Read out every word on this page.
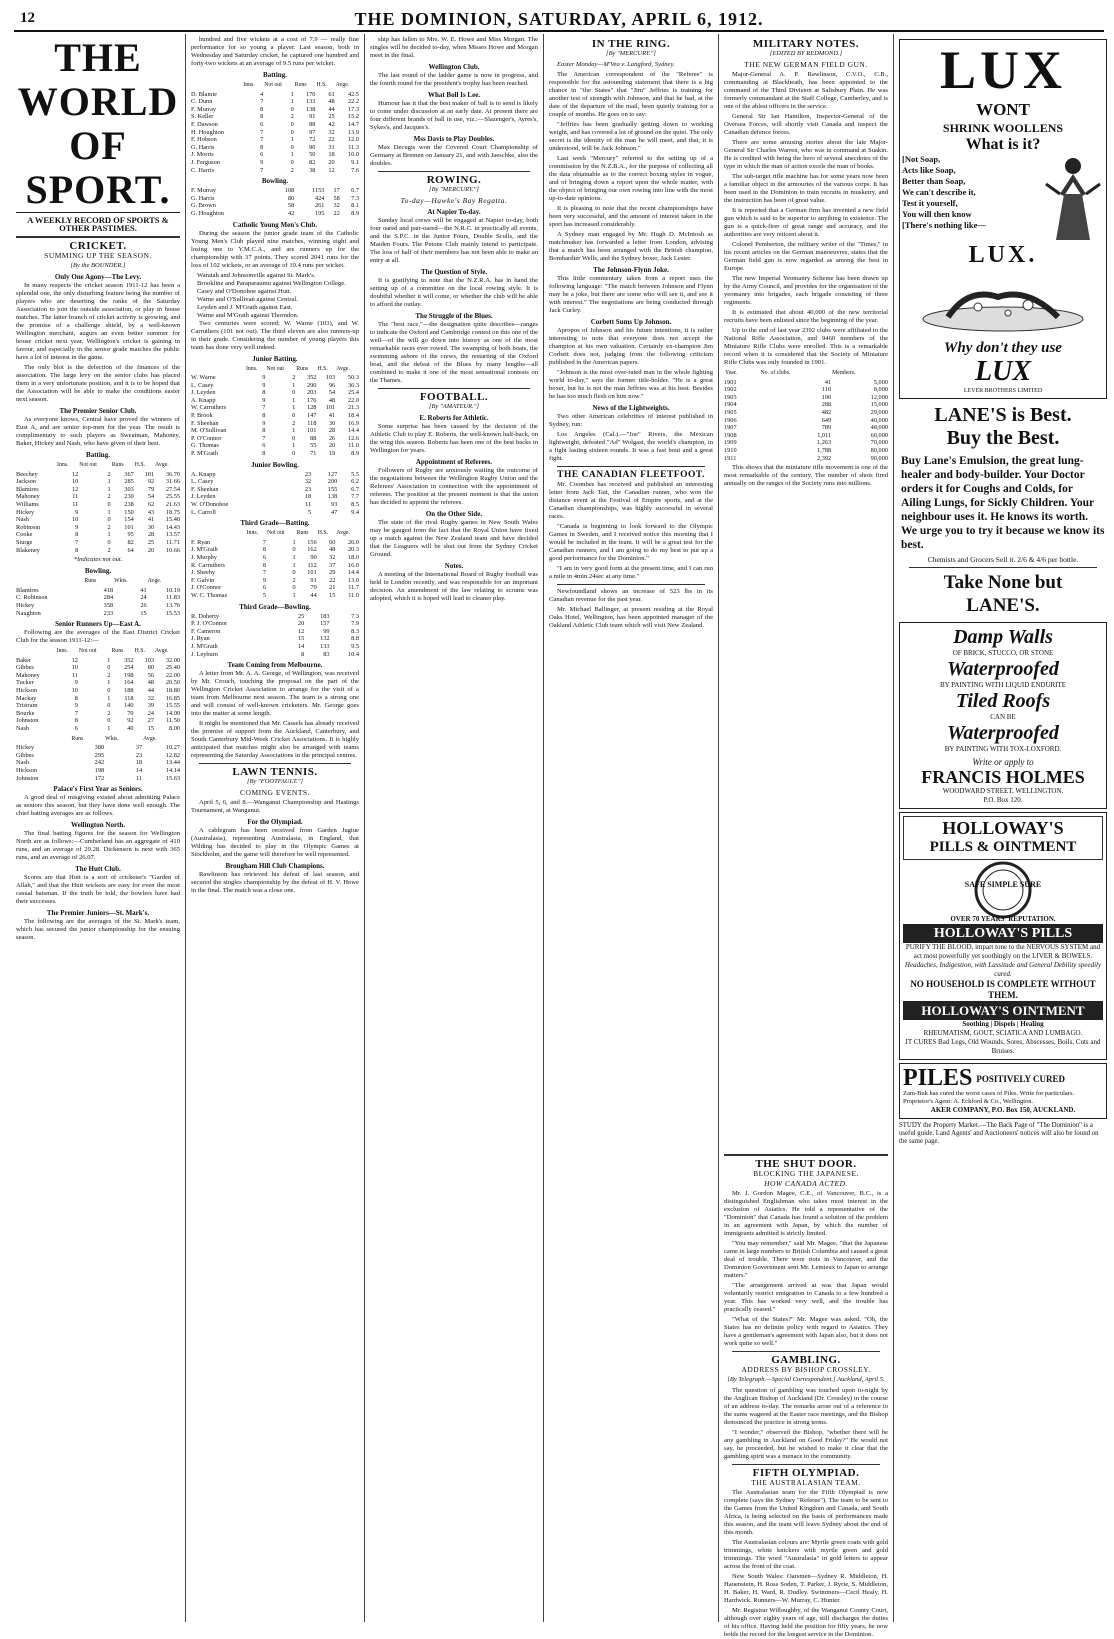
12	THE DOMINION, SATURDAY, APRIL 6, 1912.
THE WORLD OF SPORT.
A WEEKLY RECORD OF SPORTS & OTHER PASTIMES.
CRICKET.
SUMMING UP THE SEASON.
[By the BOUNDER.]
Only One Agony—The Levy.

In many respects the cricket season 1911-12 has been a splendid one, the only disturbing feature being the number of players who are deserting the ranks of the Saturday Association to join the outside association, or play in house matches. The latter branch of cricket activity is growing, and the promise of a challenge shield, by a well-known Wellington merchant, augurs an even better summer for house cricket next year. Wellington's cricket is gaining in favour, and especially in the senior grade matches the public have a lot of interest in the game.

The only blot is the defection of the finances of the association. The large levy on the senior clubs has placed them in a very unfortunate position, and it is to be hoped that the Association will be able to make the conditions easier next season.

The Premier Senior Club.

As everyone knows, Central have proved the winners of Eust A, and are senior top-men for the year. The result is complimentary to such players as Sweatman, Mahoney, Baker, Hickey and Nash, who have given of their best.

Batting.
	Inns.	Not out	Runs	H.S.	Avge.
Beechey	12	2	367	101	36.70
Jackson	10	1	285	92	31.66
Blamires	12	1	303	79	27.54
Mahoney	11	2	230	54	25.55
Williams	11	0	238	62	21.63
Hickey	9	1	150	43	18.75
Nash	10	0	154	41	15.40
Robinson	9	2	101	30	14.43
Cooke	8	1	95	28	13.57
Sturge	7	0	82	25	11.71
Blakeney	8	2	64	20	10.66
*Indicates not out.
Bowling.
	Runs	Wkts.	Avge.
Blamires	418	41	10.19
C. Robinson	284	24	11.83
Hickey	358	26	13.76
Naughton	233	15	15.53
Senior Runners Up—East A.

Following are the averages of the East District Cricket Club for the season 1911-12:—

	Inns.	Not out	Runs	H.S.	Avge.
Baker	12	1	352	103	32.00
Gibbes	10	0	254	80	25.40
Mahoney	11	2	198	56	22.00
Tucker	9	1	164	48	20.50
Hickson	10	0	188	44	18.80
Mackay	8	1	118	32	16.85
Tristram	9	0	140	39	15.55
Bourke	7	2	70	24	14.00
Johnston	8	0	92	27	11.50
Nash	6	1	40	15	8.00
	Runs	Wkts.	Avge.
Hickey	380	37	10.27
Gibbes	295	23	12.82
Nash	242	18	13.44
Hickson	198	14	14.14
Johnston	172	11	15.63
Palace's First Year as Seniors.

A good deal of misgiving existed about admitting Palace as seniors this season, but they have done well enough. The chief batting averages are as follows.

Wellington North.

The final batting figures for the season for Wellington North are as follows:—Cumberland has an aggregate of 410 runs, and an average of 29.28. Dickenson is next with 365 runs, and an average of 26.07.

The Hutt Club.

Scores are that Hutt is a sort of cricketer's "Garden of Allah," and that the Hutt wickets are easy for even the most casual batsman. If the truth be told, the bowlers have had their successes.

The Premier Juniors—St. Mark's.

The following are the averages of the St. Mark's team, which has secured the junior championship for the ensuing season.

hundred and five wickets at a cost of 7.9 — really fine performance for so young a player. Last season, both in Wednesday and Saturday cricket, he captured one hundred and forty-two wickets at an average of 9.5 runs per wicket.

Batting.
	Inns.	Not out	Runs	H.S.	Avge.
D. Blamie	4	1	170	61	42.5
C. Dunn	7	1	133	48	22.2
F. Murray	8	0	138	44	17.3
S. Keller	8	2	91	25	15.2
F. Dawson	6	0	88	42	14.7
H. Houghton	7	0	97	32	13.9
F. Hobson	7	1	72	22	12.0
G. Harris	8	0	90	31	11.3
J. Morris	6	1	50	18	10.0
J. Ferguson	9	0	82	20	9.1
C. Harris	7	2	38	12	7.6
Bowling.
F. Murray	108	1153	17	6.7
G. Harris	80	424	58	7.3
G. Brown	58	261	32	8.1
G. Houghton	42	195	22	8.9
Catholic Young Men's Club.

During the season the junior grade team of the Catholic Young Men's Club played nine matches, winning eight and losing one to Y.M.C.A., and are runners up for the championship with 37 points. They scored 2041 runs for the loss of 102 wickets, or an average of 19.4 runs per wicket.

Waratah and Johnsonville against St. Mark's.
Brookline and Paraparaumu against Wellington College.
Casey and O'Donohoe against Hutt.
Warne and O'Sullivan against Central.
Leyden and J. M'Grath against East.
Warne and M'Grath against Thorndon.

Two centuries were scored; W. Warne (103), and W. Carruthers (101 not out). The third eleven are also runners-up in their grade. Considering the number of young players this team has done very well indeed.

Junior Batting.
	Inns.	Not out	Runs	H.S.	Avge.
W. Warne	9	2	352	103	50.3
L. Casey	9	1	290	96	36.3
J. Leyden	8	0	203	54	25.4
A. Knapp	9	1	176	48	22.0
W. Carruthers	7	1	128	101	21.3
P. Brook	8	0	147	41	18.4
F. Sheehan	9	2	118	30	16.9
M. O'Sullivan	8	1	101	28	14.4
P. O'Connor	7	0	88	26	12.6
G. Thomas	6	1	55	20	11.0
P. M'Grath	8	0	71	19	8.9
Junior Bowling.
A. Knapp	23	127	5.5
L. Casey	32	200	6.2
F. Sheehan	23	155	6.7
J. Leyden	18	138	7.7
W. O'Donohoe	11	93	8.5
L. Carroll	5	47	9.4
Third Grade—Batting.
	Inns.	Not out	Runs	H.S.	Avge.
F. Ryan	7	1	156	60	26.0
J. M'Grath	8	0	162	48	20.3
J. Murphy	6	1	90	32	18.0
R. Carruthers	8	1	112	37	16.0
J. Sheehy	7	0	101	29	14.4
F. Galvin	9	2	91	22	13.0
J. O'Connor	6	0	70	21	11.7
W. C. Thomas	5	1	44	15	11.0
Third Grade—Bowling.
R. Doherty	25	183	7.3
P. J. O'Connor	20	157	7.9
F. Cameron	12	99	8.3
J. Ryan	15	132	8.8
J. M'Grath	14	133	9.5
J. Leyburn	8	83	10.4
Team Coming from Melbourne.

A letter from Mr. A. A. George, of Wellington, was received by Mr. Crouch, touching the proposal on the part of the Wellington Cricket Association to arrange for the visit of a team from Melbourne next season. The team is a strong one and will consist of well-known cricketers. Mr. George goes into the matter at some length.

It might be mentioned that Mr. Cassels has already received the promise of support from the Auckland, Canterbury, and South Canterbury Mid-Week Cricket Associations. It is highly anticipated that matches might also be arranged with teams representing the Saturday Associations in the principal centres.

LAWN TENNIS.
[By "FOOTFAULT."]
COMING EVENTS.

April 5, 6, and 8.—Wanganui Championship and Hastings Tournament, at Wanganui.

For the Olympiad.

A cablegram has been received from Garden Jugiue (Australasia), representing Australasia, in England, that Wilding has decided to play in the Olympic Games at Stockholm, and the game will therefore be well represented.

Brougham Hill Club Champions.

Rawlinson has retrieved his defeat of last season, and secured the singles championship by the defeat of H. V. Howe in the final. The match was a close one.

ship has fallen to Mrs. W. E. Howe and Miss Morgan. The singles will be decided to-day, when Misses Howe and Morgan meet in the final.

Wellington Club.

The last round of the ladder game is now in progress, and the fourth round for the president's trophy has been reached.

What Boll Is Lee.

Humour has it that the best maker of ball is to send is likely to come under discussion at an early date. At present there are four different brands of ball in use, viz.:—Slazenger's, Ayres's, Sykes's, and Jacques's.

Mss Davis to Play Doubles.

Max Decugis won the Covered Court Championship of Germany at Bremen on January 21, and with Jaeschke, also the doubles.

ROWING.
[By "MERCURY."]
To-day—Hawke's Bay Regatta.
At Napier To-day.

Sunday local crews will be engaged at Napier to-day, both four oared and pair-oared—the N.R.C. in practically all events, and the S.P.C. in the Junior Fours, Double Sculls, and the Maiden Fours. The Petone Club mainly intend to participate. The loss of half of their members has not been able to make an entry at all.

The Question of Style.

It is gratifying to note that the N.Z.R.A. has in hand the setting up of a committee on the local rowing style. It is doubtful whether it will come, or whether the club will be able to afford the outlay.

The Struggle of the Blues.

The "best race,"—the designation quite describes—ranges to indicate the Oxford and Cambridge contest on this one of the well—of the will go down into history as one of the most remarkable races ever rowed. The swamping of both boats, the swimming ashore of the crews, the restarting of the Oxford boat, and the defeat of the Blues by many lengths—all combined to make it one of the most sensational contests on the Thames.

FOOTBALL.
[By "AMATEUR."]
E. Roberts for Athletic.

Some surprise has been caused by the decision of the Athletic Club to play E. Roberts, the well-known half-back, on the wing this season. Roberts has been one of the best backs in Wellington for years.

Appointment of Referees.

Followers of Rugby are anxiously waiting the outcome of the negotiations between the Wellington Rugby Union and the Referees' Association in connection with the appointment of referees. The position at the present moment is that the union has decided to appoint the referees.

On the Other Side.

The state of the rival Rugby games in New South Wales may be gauged from the fact that the Royal Union have fixed up a match against the New Zealand team and have decided that the Leaguers will be shut out from the Sydney Cricket Ground.

Notes.

A meeting of the International Board of Rugby football was held in London recently, and was responsible for an important decision. An amendment of the law relating to scrums was adopted, which it is hoped will lead to cleaner play.

IN THE RING.
[By "MERCURY."]

Easter Monday—M'Vea v. Langford, Sydney.

The American correspondent of the "Referee" is responsible for the astounding statement that there is a big chance in "the States" that "Jim" Jeffries is training for another test of strength with Johnson, and that he had, at the date of the departure of the mail, been quietly training for a couple of months. He goes on to say:

"Jeffries has been gradually getting down to working weight, and has covered a lot of ground on the quiet. The only secret is the identity of the man he will meet, and that, it is understood, will be Jack Johnson."

Last week "Mercury" referred to the setting up of a commission by the N.Z.B.A., for the purpose of collecting all the data obtainable as to the correct boxing styles in vogue, and of bringing down a report upon the whole matter, with the object of bringing our own rowing into line with the most up-to-date opinions.

It is pleasing to note that the recent championships have been very successful, and the amount of interest taken in the sport has increased considerably.

A Sydney man engaged by Mr. Hugh D. McIntosh as matchmaker has forwarded a letter from London, advising that a match has been arranged with the British champion, Bombardier Wells, and the Sydney boxer, Jack Lester.

The Johnson-Flynn Joke.

This little commentary taken from a report uses the following language: "The match between Johnson and Flynn may be a joke, but there are some who will see it, and see it with interest." The negotiations are being conducted through Jack Curley.

Corbett Sums Up Johnson.

Apropos of Johnson and his future intentions, it is rather interesting to note that everyone does not accept the champion at his own valuation. Certainly ex-champion Jim Corbett does not, judging from the following criticism published in the American papers.

"Johnson is the most over-rated man in the whole fighting world to-day," says the former title-holder. "He is a great boxer, but he is not the man Jeffries was at his best. Besides he has too much flesh on him now."

News of the Lightweights.

Two other American celebrities of interest published in Sydney, run:

Los Angeles (Cal.).—"Joe" Rivers, the Mexican lightweight, defeated "Ad" Wolgast, the world's champion, in a fight lasting sixteen rounds. It was a fast bout and a great fight.

THE CANADIAN FLEETFOOT.

Mr. Coombes has received and published an interesting letter from Jack Tait, the Canadian runner, who won the distance event at the Festival of Empire sports, and at the Canadian championships, was highly successful in several races.

"Canada is beginning to look forward to the Olympic Games in Sweden, and I received notice this morning that I would be included in the team. It will be a great test for the Canadian runners, and I am going to do my best to put up a good performance for the Dominion."

"I am in very good form at the present time, and I can run a mile in 4min 24sec at any time."

Newfoundland shows an increase of 523 lbs in its Canadian revenue for the past year.

Mr. Michael Ballinger, at present residing at the Royal Oaks Hotel, Wellington, has been appointed manager of the Oakland Athletic Club team which will visit New Zealand.

MILITARY NOTES.
[EDITED BY REDMOND.]
THE NEW GERMAN FIELD GUN.

Major-General A. P. Rawlinson, C.V.O., C.B., commanding at Blackheath, has been appointed to the command of the Third Division at Salisbury Plain. He was formerly commandant at the Staff College, Camberley, and is one of the ablest officers in the service.

General Sir Ian Hamilton, Inspector-General of the Oversea Forces, will shortly visit Canada and inspect the Canadian defence forces.

There are some amusing stories about the late Major-General Sir Charles Warren, who was in command at Suakin. He is credited with being the hero of several anecdotes of the type in which the man of action excels the man of books.

The sub-target rifle machine has for some years now been a familiar object in the armouries of the various corps. It has been used in the Dominion to train recruits in musketry, and the instruction has been of great value.

It is reported that a German firm has invented a new field gun which is said to be superior to anything in existence. The gun is a quick-firer of great range and accuracy, and the authorities are very reticent about it.

Colonel Pemberton, the military writer of the "Times," in his recent articles on the German manoeuvres, states that the German field gun is now regarded as among the best in Europe.

The new Imperial Yeomanry Scheme has been drawn up by the Army Council, and provides for the organisation of the yeomanry into brigades, each brigade consisting of three regiments.

It is estimated that about 40,000 of the new territorial recruits have been enlisted since the beginning of the year.

Up to the end of last year 2392 clubs were affiliated to the National Rifle Association, and 9460 members of the Miniature Rifle Clubs were enrolled. This is a remarkable record when it is considered that the Society of Miniature Rifle Clubs was only founded in 1901.

Year.		No. of clubs.	Members.
1901		41	5,000
1902		110	8,000
1903		190	12,000
1904		288	15,000
1905		482	29,000
1906		649	40,000
1907		789	48,000
1908		1,011	60,000
1909		1,263	70,000
1910		1,788	80,000
1911		2,392	90,000

This shows that the miniature rifle movement is one of the most remarkable of the century. The number of shots fired annually on the ranges of the Society runs into millions.

THE SHUT DOOR.
BLOCKING THE JAPANESE.
HOW CANADA ACTED.

Mr. J. Gordon Magee, C.E., of Vancouver, B.C., is a distinguished Englishman who takes most interest in the exclusion of Asiatics. He told a representative of the "Dominion" that Canada has found a solution of the problem in an agreement with Japan, by which the number of immigrants admitted is strictly limited.

"You may remember," said Mr. Magee, "that the Japanese came in large numbers to British Columbia and caused a great deal of trouble. There were riots in Vancouver, and the Dominion Government sent Mr. Lemieux to Japan to arrange matters."

"The arrangement arrived at was that Japan would voluntarily restrict emigration to Canada to a few hundred a year. This has worked very well, and the trouble has practically ceased."

"What of the States?" Mr. Magee was asked. "Oh, the States has no definite policy with regard to Asiatics. They have a gentleman's agreement with Japan also, but it does not work quite so well."

GAMBLING.
ADDRESS BY BISHOP CROSSLEY.
[By Telegraph.—Special Correspondent.] Auckland, April 5.

The question of gambling was touched upon to-night by the Anglican Bishop of Auckland (Dr. Crossley) in the course of an address to-day. The remarks arose out of a reference to the sums wagered at the Easter race meetings, and the Bishop denounced the practice in strong terms.

"I wonder," observed the Bishop, "whether there will be any gambling in Auckland on Good Friday?" He would not say, he proceeded, but he wished to make it clear that the gambling spirit was a menace to the community.

FIFTH OLYMPIAD.
THE AUSTRALASIAN TEAM.

The Australasian team for the Fifth Olympiad is now complete (says the Sydney "Referee"). The team to be sent to the Games from the United Kingdom and Canada, and South Africa, is being selected on the basis of performances made this season, and the team will leave Sydney about the end of this month.

The Australasian colours are: Myrtle green coats with gold trimmings, white knickers with myrtle green and gold trimmings. The word "Australasia" in gold letters to appear across the front of the coat.

New South Wales: Oarsmen—Sydney R. Middleton, H. Hauenstein, H. Ross Soden, T. Parker, J. Ryrie, S. Middleton, H. Baker, H. Ward, R. Dudley. Swimmers—Cecil Healy, H. Hardwick. Runners—W. Murray, C. Hunter.

Mr. Registrar Willoughby, of the Wanganui County Court, although over eighty years of age, still discharges the duties of his office. Having held the position for fifty years, he now holds the record for the longest service in the Dominion.

LUX
WONT
SHRINK WOOLLENS
What is it?
[Not Soap,
Acts like Soap,
Better than Soap,
We can't describe it,
Test it yourself,
You will then know
[There's nothing like—
LUX.
Why don't they use
LUX
LEVER BROTHERS LIMITED
LANE'S is Best.
Buy the Best.
Buy Lane's Emulsion, the great lung-healer and body-builder. Your Doctor orders it for Coughs and Colds, for Ailing Lungs, for Sickly Children. Your neighbour uses it. He knows its worth. We urge you to try it because we know its best.
Chemists and Grocers Sell it. 2/6 & 4/6 per bottle.
Take None but
LANE'S.
Damp Walls
OF BRICK, STUCCO, OR STONE
Waterproofed
BY PAINTING WITH LIQUID ENDURITE
Tiled Roofs
CAN BE
Waterproofed
BY PAINTING WITH TOX-LOXFORD.
Write or apply to
FRANCIS HOLMES
WOODWARD STREET, WELLINGTON.
P.O. Box 120.
HOLLOWAY'S
PILLS & OINTMENT
SAFE SIMPLE SURE
OVER 70 YEARS' REPUTATION.
HOLLOWAY'S PILLS
PURIFY THE BLOOD, impart tone to the NERVOUS SYSTEM and act most powerfully yet soothingly on the LIVER & BOWELS.
Headaches, Indigestion, with Lassitude and General Debility speedily cured.
NO HOUSEHOLD IS COMPLETE WITHOUT THEM.
HOLLOWAY'S OINTMENT
Soothing | Dispels | Healing
RHEUMATISM, GOUT, SCIATICA AND LUMBAGO.
IT CURES Bad Legs, Old Wounds, Sores, Abscesses, Boils, Cuts and Bruises.
PILES POSITIVELY CURED
Zam-Buk has cured the worst cases of Piles. Write for particulars. Proprietor's Agent: A. Eckford & Co., Wellington.
AKER COMPANY, P.O. Box 150, AUCKLAND.
STUDY the Property Market.—The Back Page of "The Dominion" is a useful guide. Land Agents' and Auctioneers' notices will also be found on the same page.
